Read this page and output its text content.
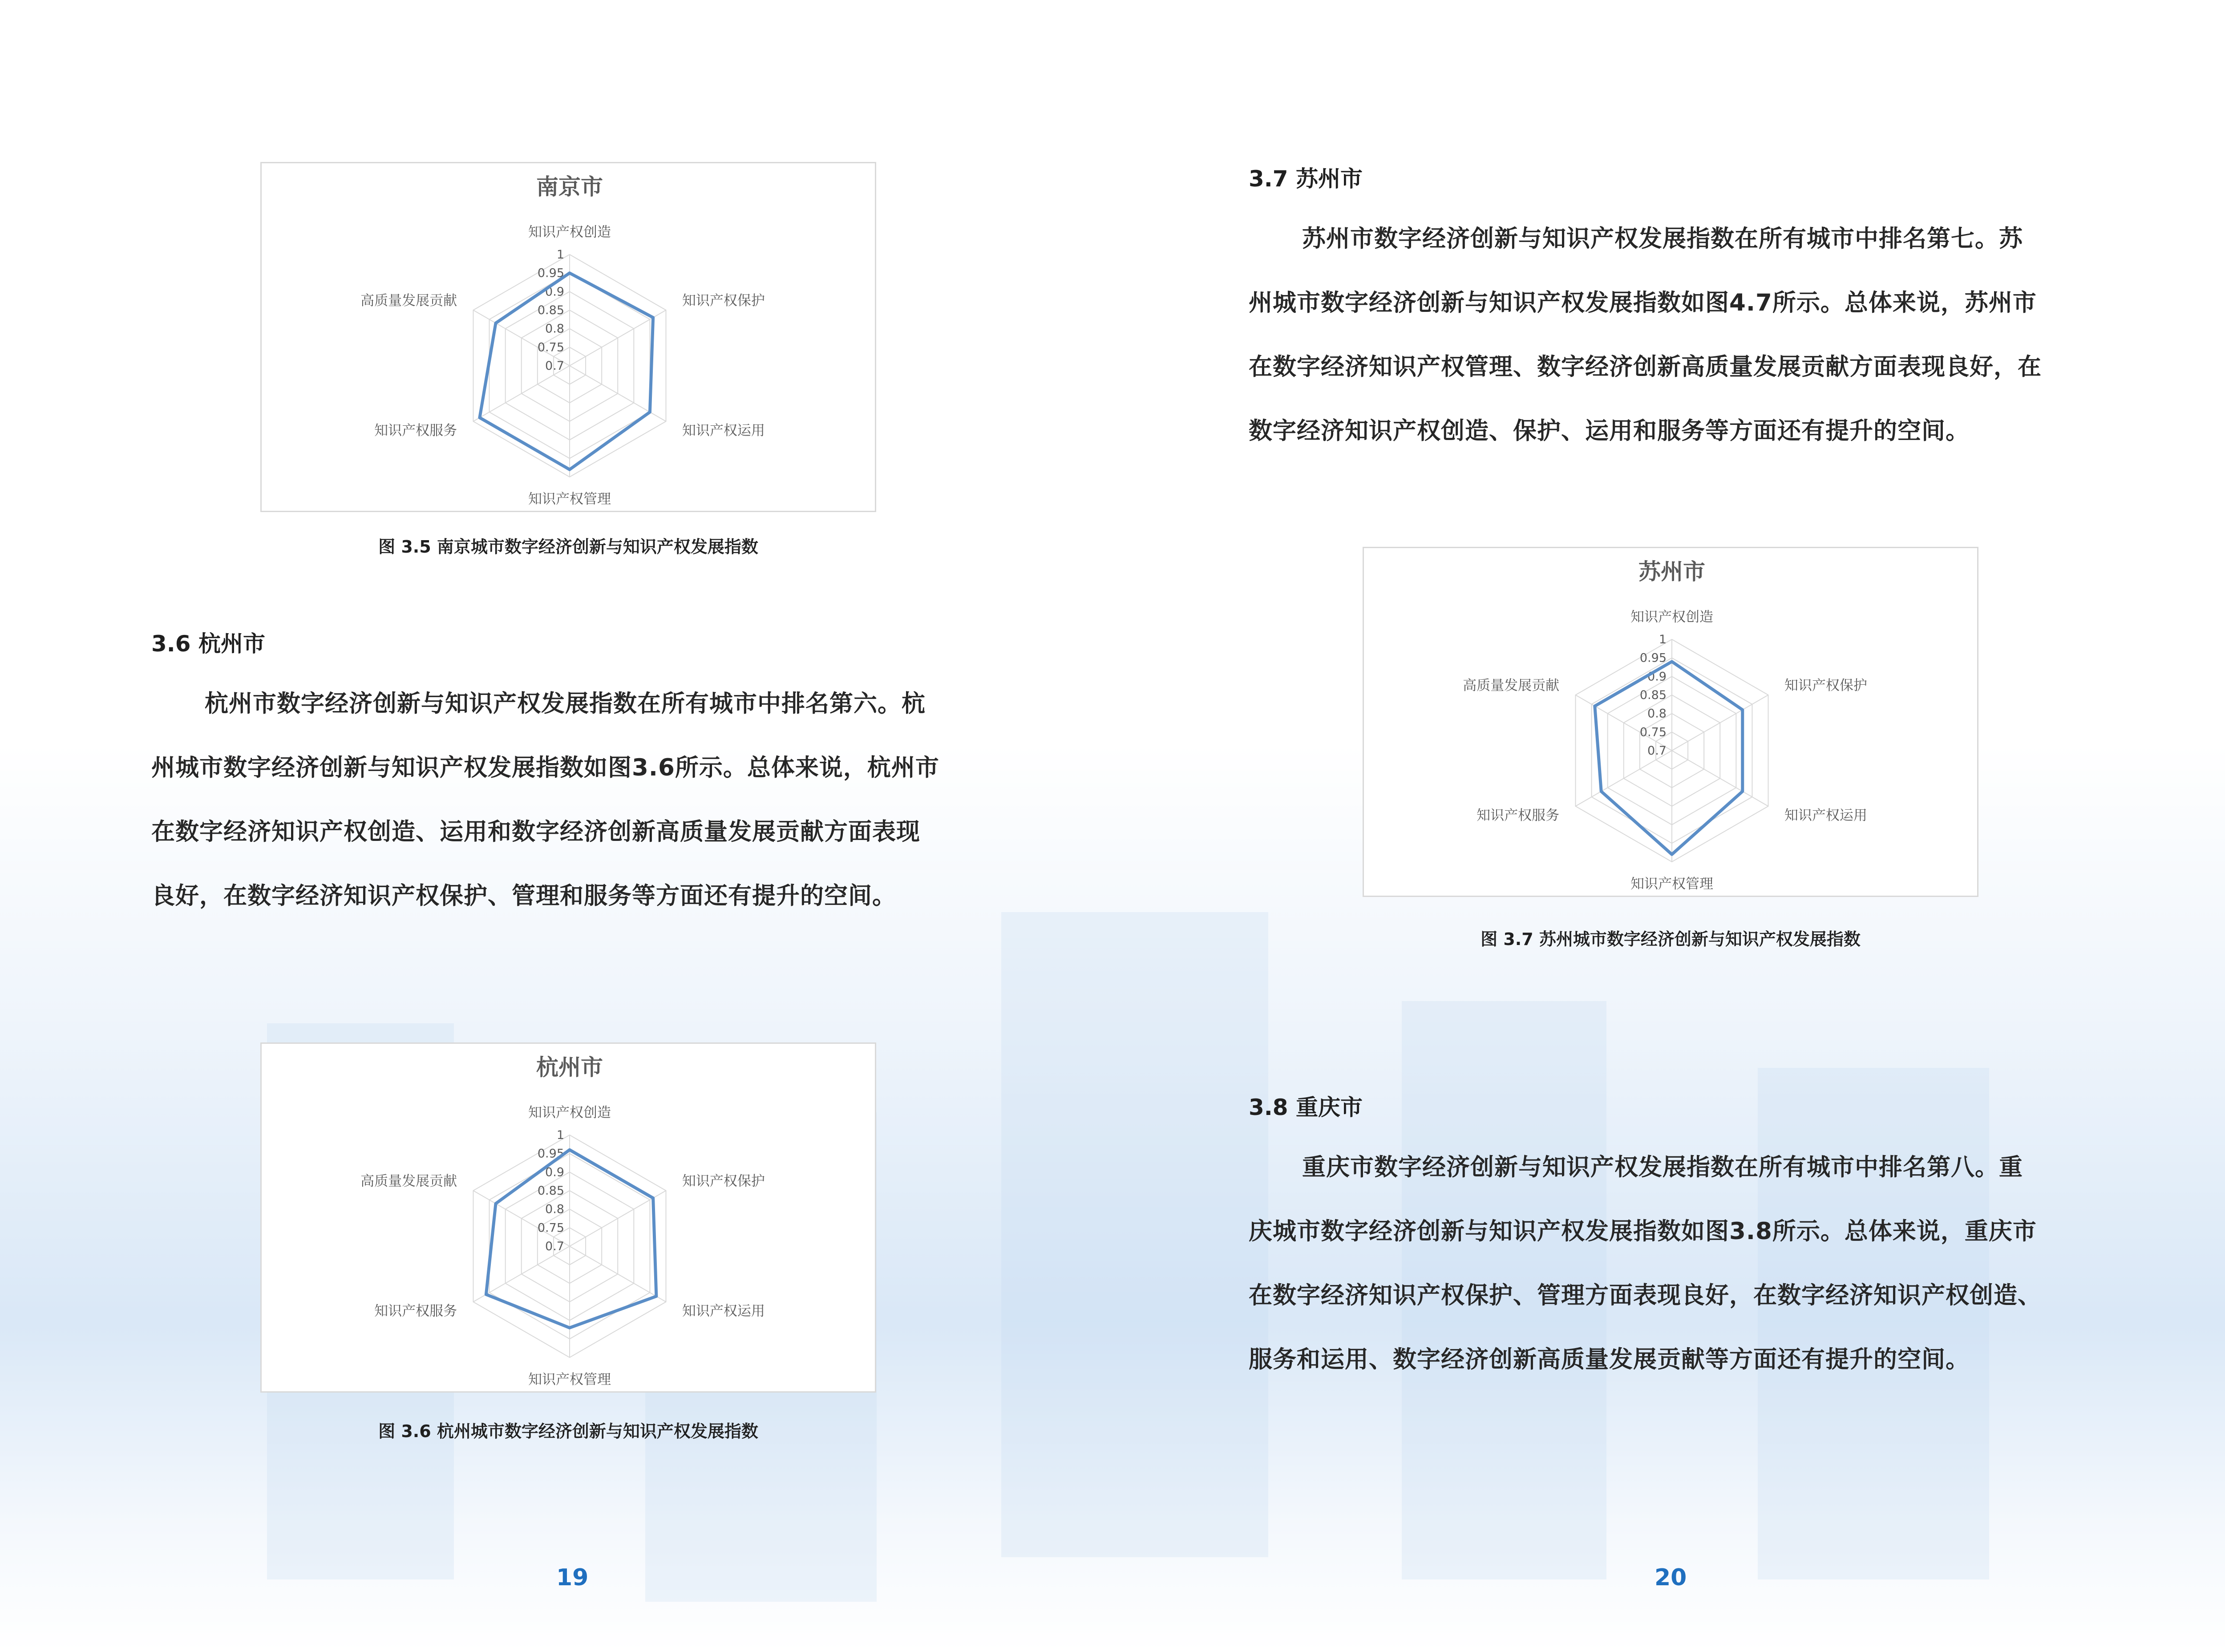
南京市
0.7
0.75
0.8
0.85
0.9
0.95
1
知识产权创造
知识产权保护
知识产权运用
知识产权管理
知识产权服务
高质量发展贡献
图 3.5 南京城市数字经济创新与知识产权发展指数
3.6 杭州市
杭州市数字经济创新与知识产权发展指数在所有城市中排名第六。杭
州城市数字经济创新与知识产权发展指数如图3.6所示。总体来说，杭州市
在数字经济知识产权创造、运用和数字经济创新高质量发展贡献方面表现
良好，在数字经济知识产权保护、管理和服务等方面还有提升的空间。
杭州市
0.7
0.75
0.8
0.85
0.9
0.95
1
知识产权创造
知识产权保护
知识产权运用
知识产权管理
知识产权服务
高质量发展贡献
图 3.6 杭州城市数字经济创新与知识产权发展指数
19
3.7 苏州市
苏州市数字经济创新与知识产权发展指数在所有城市中排名第七。苏
州城市数字经济创新与知识产权发展指数如图4.7所示。总体来说，苏州市
在数字经济知识产权管理、数字经济创新高质量发展贡献方面表现良好，在
数字经济知识产权创造、保护、运用和服务等方面还有提升的空间。
苏州市
0.7
0.75
0.8
0.85
0.9
0.95
1
知识产权创造
知识产权保护
知识产权运用
知识产权管理
知识产权服务
高质量发展贡献
图 3.7 苏州城市数字经济创新与知识产权发展指数
3.8 重庆市
重庆市数字经济创新与知识产权发展指数在所有城市中排名第八。重
庆城市数字经济创新与知识产权发展指数如图3.8所示。总体来说，重庆市
在数字经济知识产权保护、管理方面表现良好，在数字经济知识产权创造、
服务和运用、数字经济创新高质量发展贡献等方面还有提升的空间。
20
